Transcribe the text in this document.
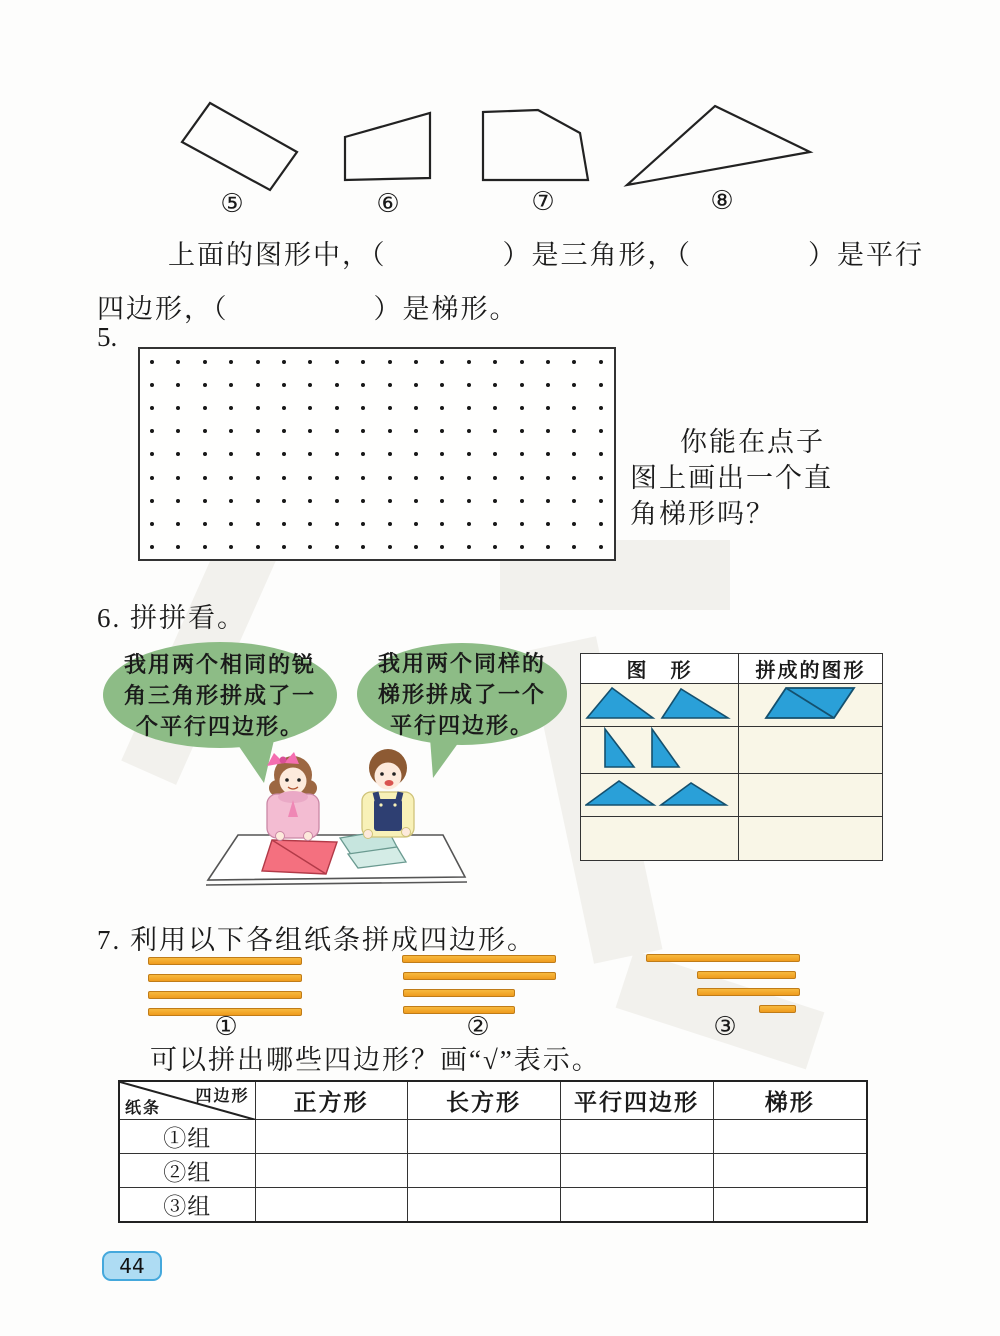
⑤	⑥	⑦	⑧
上面的图形中，（　　　　）是三角形，（　　　　）是平行
四边形，（　　　　　）是梯形。
5.
你能在点子
图上画出一个直
角梯形吗？
6. 拼拼看。
我用两个相同的锐
角三角形拼成了一
个平行四边形。
我用两个同样的
梯形拼成了一个
平行四边形。
图　形	拼成的图形

7. 利用以下各组纸条拼成四边形。
①	②	③
可以拼出哪些四边形？画“√”表示。
四边形
纸条	正方形	长方形	平行四边形	梯形
①组				
②组				
③组				
44
